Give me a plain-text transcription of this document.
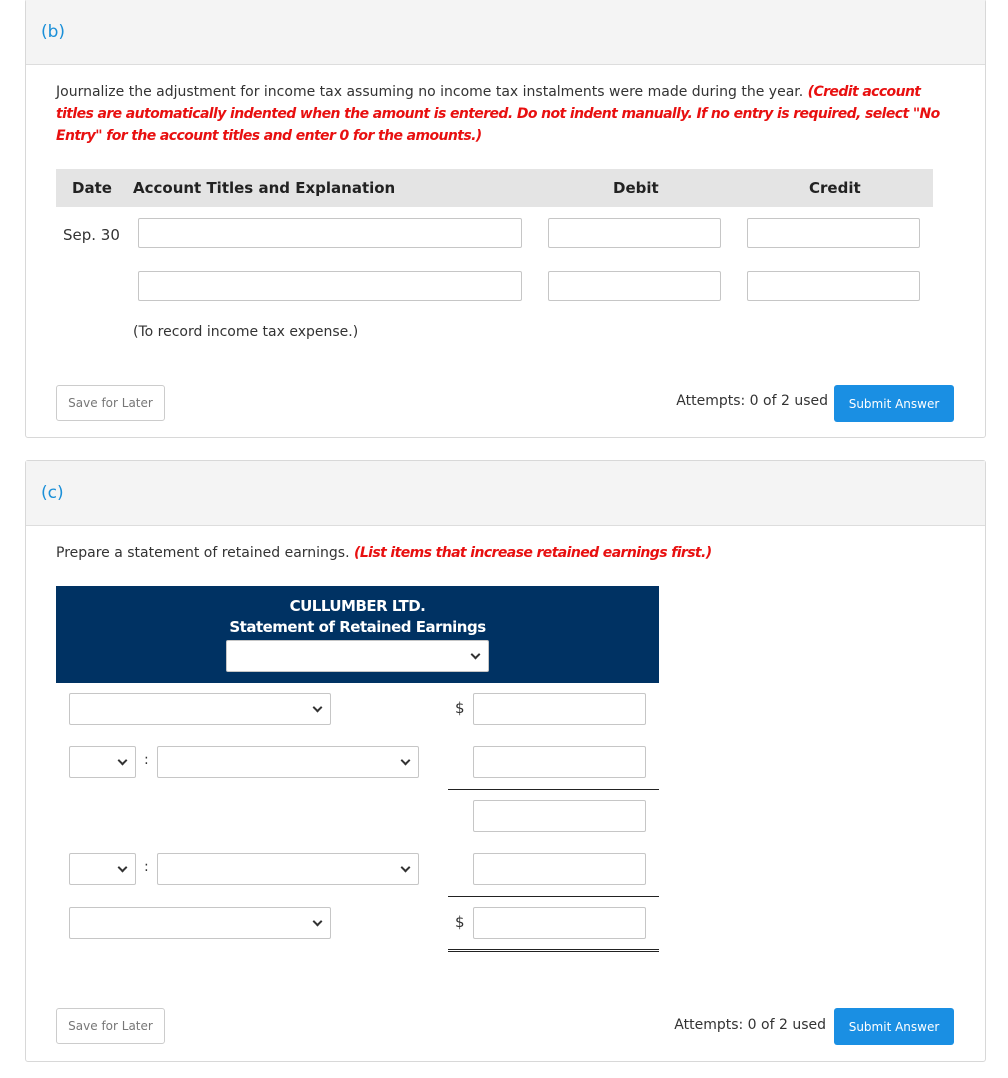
(b)
Journalize the adjustment for income tax assuming no income tax instalments were made during the year. (Credit account titles are automatically indented when the amount is entered. Do not indent manually. If no entry is required, select "No Entry" for the account titles and enter 0 for the amounts.)
Date Account Titles and Explanation	Debit	Credit
Sep. 30
(To record income tax expense.)
Save for Later	Attempts: 0 of 2 used	Submit Answer
(c)
Prepare a statement of retained earnings. (List items that increase retained earnings first.)
CULLUMBER LTD.
Statement of Retained Earnings
$
:
:
$
Save for Later	Attempts: 0 of 2 used	Submit Answer
